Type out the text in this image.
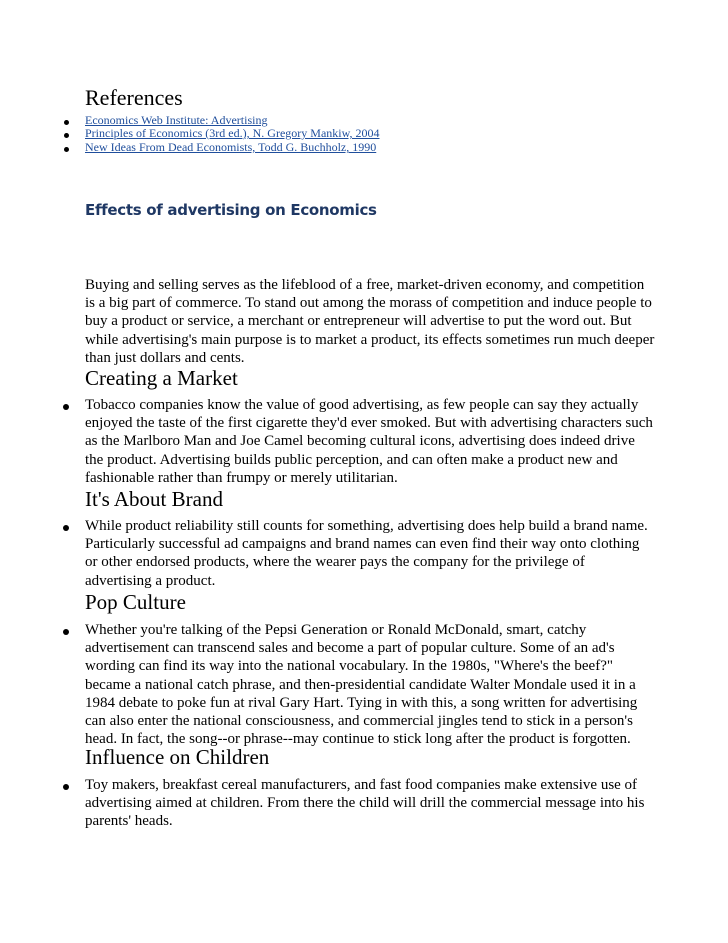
References
Economics Web Institute: Advertising
Principles of Economics (3rd ed.), N. Gregory Mankiw, 2004
New Ideas From Dead Economists, Todd G. Buchholz, 1990
Effects of advertising on Economics
Buying and selling serves as the lifeblood of a free, market-driven economy, and competition is a big part of commerce. To stand out among the morass of competition and induce people to buy a product or service, a merchant or entrepreneur will advertise to put the word out. But while advertising's main purpose is to market a product, its effects sometimes run much deeper than just dollars and cents.
Creating a Market
Tobacco companies know the value of good advertising, as few people can say they actually enjoyed the taste of the first cigarette they'd ever smoked. But with advertising characters such as the Marlboro Man and Joe Camel becoming cultural icons, advertising does indeed drive the product. Advertising builds public perception, and can often make a product new and fashionable rather than frumpy or merely utilitarian.
It's About Brand
While product reliability still counts for something, advertising does help build a brand name. Particularly successful ad campaigns and brand names can even find their way onto clothing or other endorsed products, where the wearer pays the company for the privilege of advertising a product.
Pop Culture
Whether you're talking of the Pepsi Generation or Ronald McDonald, smart, catchy advertisement can transcend sales and become a part of popular culture. Some of an ad's wording can find its way into the national vocabulary. In the 1980s, "Where's the beef?" became a national catch phrase, and then-presidential candidate Walter Mondale used it in a 1984 debate to poke fun at rival Gary Hart. Tying in with this, a song written for advertising can also enter the national consciousness, and commercial jingles tend to stick in a person's head. In fact, the song--or phrase--may continue to stick long after the product is forgotten.
Influence on Children
Toy makers, breakfast cereal manufacturers, and fast food companies make extensive use of advertising aimed at children. From there the child will drill the commercial message into his parents' heads.
